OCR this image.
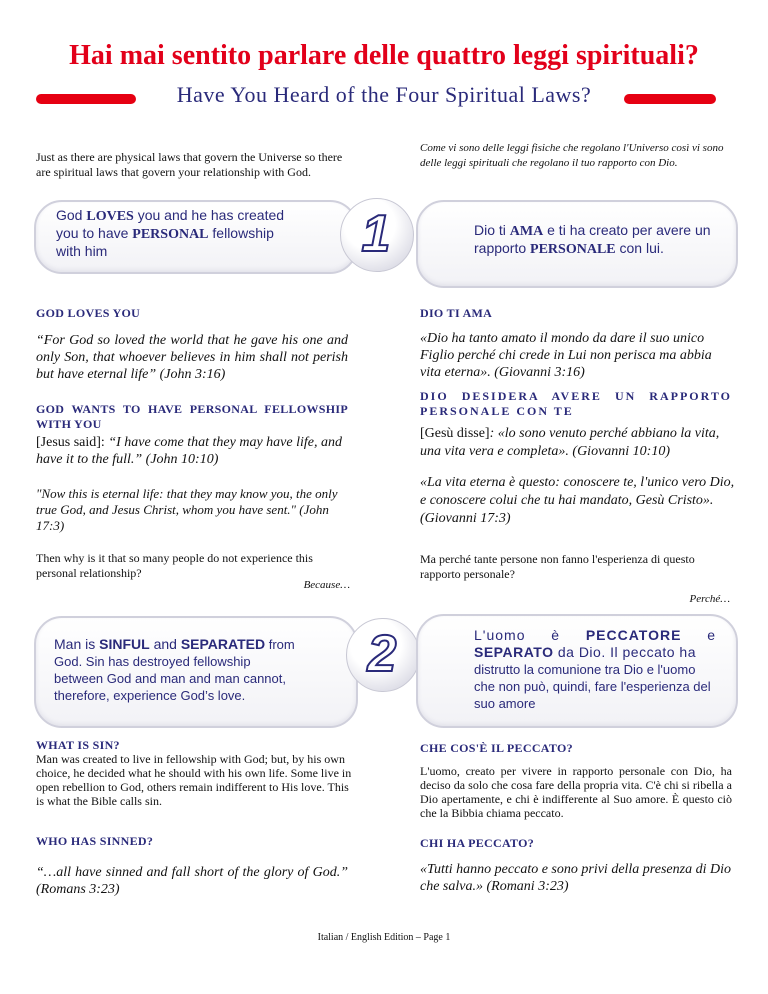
Hai mai sentito parlare delle quattro leggi spirituali?
Have You Heard of the Four Spiritual Laws?
Just as there are physical laws that govern the Universe so there are spiritual laws that govern your relationship with God.
Come vi sono delle leggi fisiche che regolano l'Universo così vi sono delle leggi spirituali che regolano il tuo rapporto con Dio.
God LOVES you and he has created you to have PERSONAL fellowship with him	1	Dio ti AMA e ti ha creato per avere un rapporto PERSONALE con lui.
GOD LOVES YOU
“For God so loved the world that he gave his one and only Son, that whoever believes in him shall not perish but have eternal life” (John 3:16)
GOD WANTS TO HAVE PERSONAL FELLOWSHIP WITH YOU
[Jesus said]: “I have come that they may have life, and have it to the full.” (John 10:10)
"Now this is eternal life: that they may know you, the only true God, and Jesus Christ, whom you have sent." (John 17:3)
Then why is it that so many people do not experience this personal relationship?
Because…
DIO TI AMA
«Dio ha tanto amato il mondo da dare il suo unico Figlio perché chi crede in Lui non perisca ma abbia vita eterna». (Giovanni 3:16)
DIO DESIDERA AVERE UN RAPPORTO PERSONALE CON TE
[Gesù disse]: «lo sono venuto perché abbiano la vita, una vita vera e completa». (Giovanni 10:10)
«La vita eterna è questo: conoscere te, l'unico vero Dio, e conoscere colui che tu hai mandato, Gesù Cristo». (Giovanni 17:3)
Ma perché tante persone non fanno l'esperienza di questo rapporto personale?
Perché…
Man is SINFUL and SEPARATED from God. Sin has destroyed fellowship between God and man and man cannot, therefore, experience God’s love.
2	L'uomo è PECCATORE e
SEPARATO da Dio. Il peccato ha
distrutto la comunione tra Dio e l'uomo che non può, quindi, fare l'esperienza del suo amore
WHAT IS SIN?
Man was created to live in fellowship with God; but, by his own choice, he decided what he should with his own life. Some live in open rebellion to God, others remain indifferent to His love. This is what the Bible calls sin.
WHO HAS SINNED?
“…all have sinned and fall short of the glory of God.” (Romans 3:23)
CHE COS'È IL PECCATO?
L'uomo, creato per vivere in rapporto personale con Dio, ha deciso da solo che cosa fare della propria vita. C'è chi si ribella a Dio apertamente, e chi è indifferente al Suo amore. È questo ciò che la Bibbia chiama peccato.
CHI HA PECCATO?
«Tutti hanno peccato e sono privi della presenza di Dio che salva.» (Romani 3:23)
Italian / English Edition – Page 1
